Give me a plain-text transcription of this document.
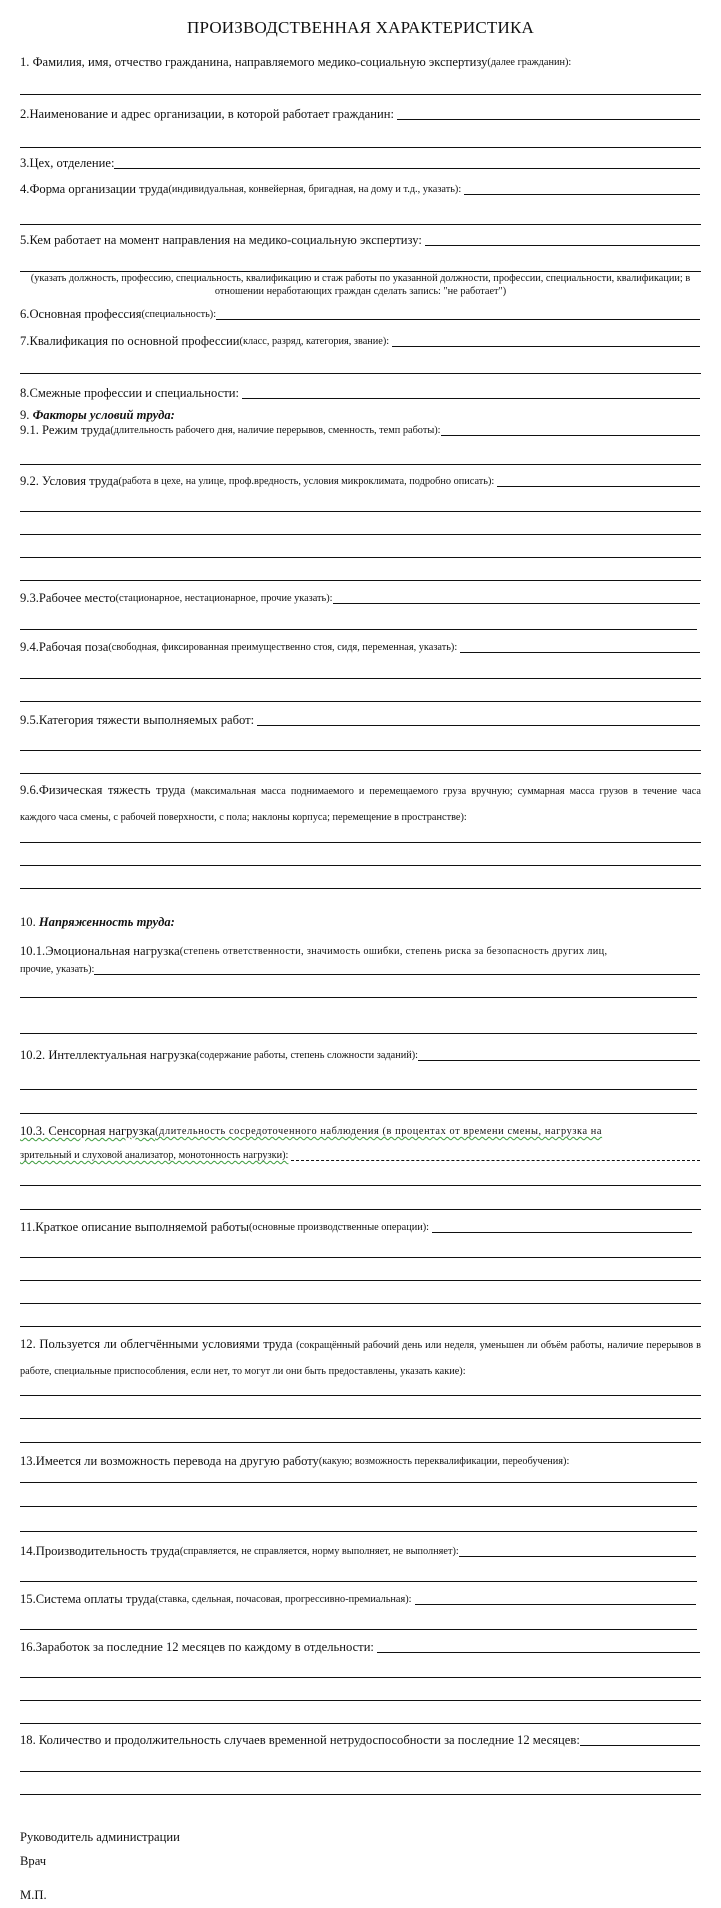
ПРОИЗВОДСТВЕННАЯ ХАРАКТЕРИСТИКА
1. Фамилия, имя, отчество гражданина, направляемого медико-социальную экспертизу (далее гражданин):
2.Наименование и адрес организации, в которой работает гражданин:
3.Цех, отделение:
4.Форма организации труда (индивидуальная, конвейерная, бригадная, на дому и т.д., указать):
5.Кем работает на момент направления на медико-социальную экспертизу:
(указать должность, профессию, специальность, квалификацию и стаж работы по указанной должности, профессии, специальности, квалификации; в отношении неработающих граждан сделать запись: "не работает")
6.Основная профессия (специальность):
7.Квалификация по основной профессии (класс, разряд, категория, звание):
8.Смежные профессии и специальности:
9. Факторы условий труда:
9.1. Режим труда (длительность рабочего дня, наличие перерывов, сменность, темп работы):
9.2. Условия труда (работа в цехе, на улице, проф.вредность, условия микроклимата, подробно описать):
9.3.Рабочее место (стационарное, нестационарное, прочие указать):
9.4.Рабочая поза (свободная, фиксированная преимущественно стоя, сидя, переменная, указать):
9.5.Категория тяжести выполняемых работ:
9.6.Физическая тяжесть труда (максимальная масса поднимаемого и перемещаемого груза вручную; суммарная масса грузов в течение часа каждого часа смены, с рабочей поверхности, с пола; наклоны корпуса; перемещение в пространстве):
10. Напряженность труда:
10.1.Эмоциональная нагрузка (степень ответственности, значимость ошибки, степень риска за безопасность других лиц,
прочие, указать):
10.2. Интеллектуальная нагрузка (содержание работы, степень сложности заданий):
10.3. Сенсорная нагрузка (длительность сосредоточенного наблюдения (в процентах от времени смены, нагрузка на
зрительный и слуховой анализатор, монотонность нагрузки):
11.Краткое описание выполняемой работы (основные производственные операции):
12. Пользуется ли облегчёнными условиями труда (сокращённый рабочий день или неделя, уменьшен ли объём работы, наличие перерывов в работе, специальные приспособления, если нет, то могут ли они быть предоставлены, указать какие):
13.Имеется ли возможность перевода на другую работу (какую; возможность переквалификации, переобучения):
14.Производительность труда (справляется, не справляется, норму выполняет, не выполняет):
15.Система оплаты труда (ставка, сдельная, почасовая, прогрессивно-премиальная):
16.Заработок за последние 12 месяцев по каждому в отдельности:
18. Количество и продолжительность случаев временной нетрудоспособности за последние 12 месяцев:
Руководитель администрации
Врач
М.П.
